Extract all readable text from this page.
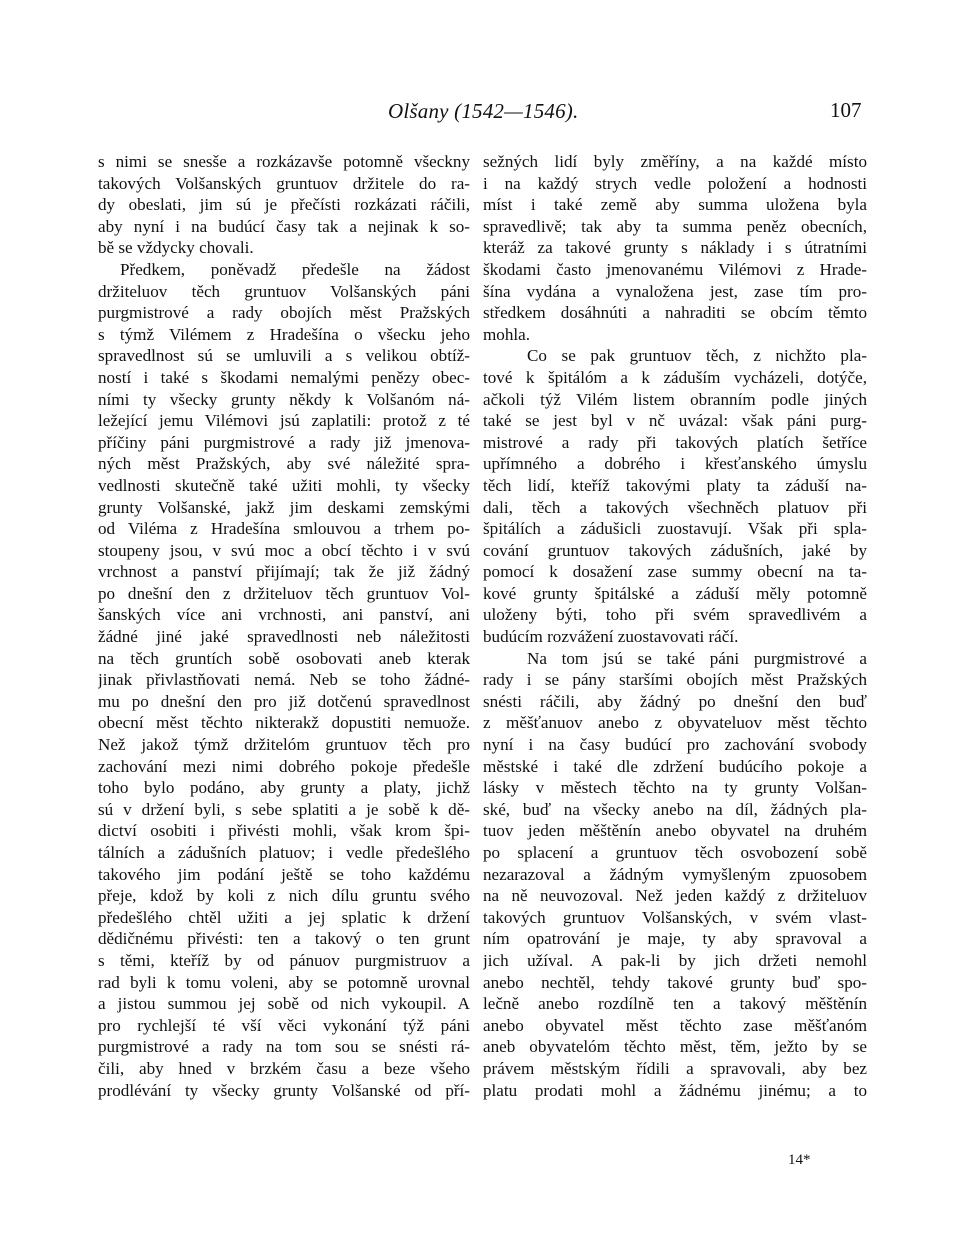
Olšany (1542—1546).	107
s nimi se snesše a rozkázavše potomně všeckny
takových Volšanských gruntuov držitele do ra-
dy obeslati, jim sú je přečísti rozkázati ráčili,
aby nyní i na budúcí časy tak a nejinak k so-
bě se vždycky chovali.
Předkem, poněvadž předešle na žádost
držiteluov těch gruntuov Volšanských páni
purgmistrové a rady obojích měst Pražských
s týmž Vilémem z Hradešína o všecku jeho
spravedlnost sú se umluvili a s velikou obtíž-
ností i také s škodami nemalými penězy obec-
ními ty všecky grunty někdy k Volšanóm ná-
ležející jemu Vilémovi jsú zaplatili: protož z té
příčiny páni purgmistrové a rady již jmenova-
ných měst Pražských, aby své náležité spra-
vedlnosti skutečně také užiti mohli, ty všecky
grunty Volšanské, jakž jim deskami zemskými
od Viléma z Hradešína smlouvou a trhem po-
stoupeny jsou, v svú moc a obcí těchto i v svú
vrchnost a panství přijímají; tak že již žádný
po dnešní den z držiteluov těch gruntuov Vol-
šanských více ani vrchnosti, ani panství, ani
žádné jiné jaké spravedlnosti neb náležitosti
na těch gruntích sobě osobovati aneb kterak
jinak přivlastňovati nemá. Neb se toho žádné-
mu po dnešní den pro již dotčenú spravedlnost
obecní měst těchto nikterakž dopustiti nemuože.
Než jakož týmž držitelóm gruntuov těch pro
zachování mezi nimi dobrého pokoje předešle
toho bylo podáno, aby grunty a platy, jichž
sú v držení byli, s sebe splatiti a je sobě k dě-
dictví osobiti i přivésti mohli, však krom špi-
tálních a zádušních platuov; i vedle předešlého
takového jim podání ještě se toho každému
přeje, kdož by koli z nich dílu gruntu svého
předešlého chtěl užiti a jej splatic k držení
dědičnému přivésti: ten a takový o ten grunt
s těmi, kteříž by od pánuov purgmistruov a
rad byli k tomu voleni, aby se potomně urovnal
a jistou summou jej sobě od nich vykoupil. A
pro rychlejší té vší věci vykonání týž páni
purgmistrové a rady na tom sou se snésti rá-
čili, aby hned v brzkém času a beze všeho
prodlévání ty všecky grunty Volšanské od pří-
sežných lidí byly změříny, a na každé místo
i na každý strych vedle položení a hodnosti
míst i také země aby summa uložena byla
spravedlivě; tak aby ta summa peněz obecních,
kteráž za takové grunty s náklady i s útratními
škodami často jmenovanému Vilémovi z Hrade-
šína vydána a vynaložena jest, zase tím pro-
středkem dosáhnúti a nahraditi se obcím těmto
mohla.
Co se pak gruntuov těch, z nichžto pla-
tové k špitálóm a k záduším vycházeli, dotýče,
ačkoli týž Vilém listem obranním podle jiných
také se jest byl v nč uvázal: však páni purg-
mistrové a rady při takových platích šetříce
upřímného a dobrého i křesťanského úmyslu
těch lidí, kteříž takovými platy ta záduší na-
dali, těch a takových všechněch platuov při
špitálích a zádušicli zuostavují. Však při spla-
cování gruntuov takových zádušních, jaké by
pomocí k dosažení zase summy obecní na ta-
kové grunty špitálské a záduší měly potomně
uloženy býti, toho při svém spravedlivém a
budúcím rozvážení zuostavovati ráčí.
Na tom jsú se také páni purgmistrové a
rady i se pány staršími obojích měst Pražských
snésti ráčili, aby žádný po dnešní den buď
z měšťanuov anebo z obyvateluov měst těchto
nyní i na časy budúcí pro zachování svobody
městské i také dle zdržení budúcího pokoje a
lásky v městech těchto na ty grunty Volšan-
ské, buď na všecky anebo na díl, žádných pla-
tuov jeden měštěnín anebo obyvatel na druhém
po splacení a gruntuov těch osvobození sobě
nezarazoval a žádným vymyšleným zpuosobem
na ně neuvozoval. Než jeden každý z držiteluov
takových gruntuov Volšanských, v svém vlast-
ním opatrování je maje, ty aby spravoval a
jich užíval. A pak-li by jich držeti nemohl
anebo nechtěl, tehdy takové grunty buď spo-
lečně anebo rozdílně ten a takový měštěnín
anebo obyvatel měst těchto zase měšťanóm
aneb obyvatelóm těchto měst, těm, ježto by se
právem městským řídili a spravovali, aby bez
platu prodati mohl a žádnému jinému; a to
14*
